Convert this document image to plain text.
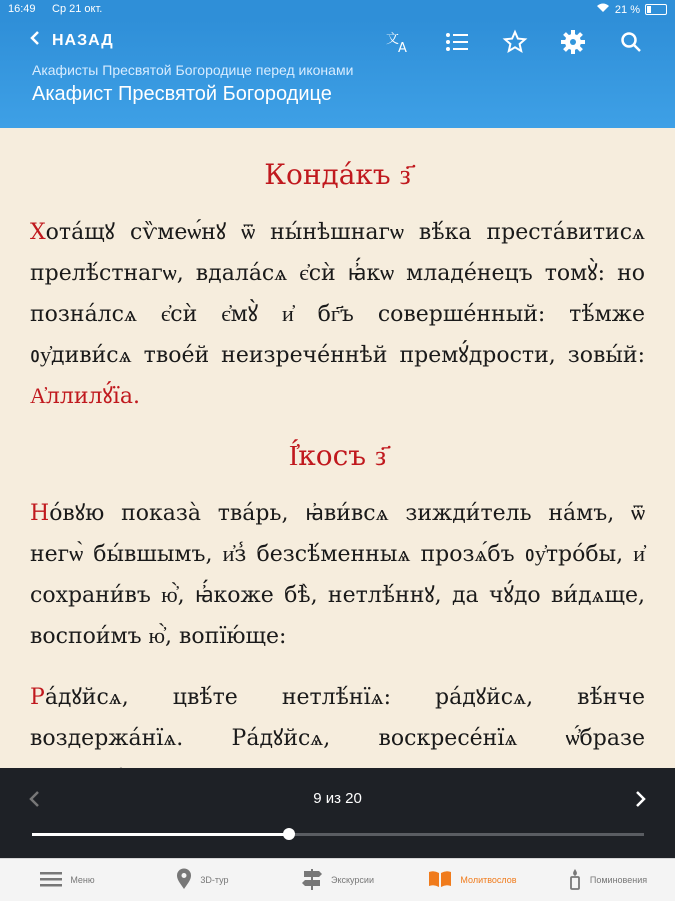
16:49 Ср 21 окт.	21 %
НАЗАД	文
A
Акафисты Пресвятой Богородице перед иконами
Акафист Пресвятой Богородице
Конда́къ з҃
Хота́щꙋ сѷмеѡ́нꙋ ѿ ны́нѣшнагѡ вѣ́ка преста́витисѧ прелѣ́стнагѡ, вдала́сѧ є҆сѝ ꙗ҆́кѡ младе́нецъ томꙋ̀: но позна́лсѧ є҆сѝ є҆мꙋ̀ и҆ бг҃ъ соверше́нный: тѣ́мже ᲂу҆диви́сѧ твое́й неизрече́ннѣй премꙋ́дрости, зовы́й: А҆ллилꙋ́їа.
І҆́косъ з҃
Но́вꙋю показа̀ тва́рь, ꙗ҆ви́всѧ зижди́тель на́мъ, ѿ негѡ̀ бы́вшымъ, и҆з̾ безсѣ́менныѧ прозѧ́бъ ᲂу҆тро́бы, и҆ сохрани́въ ю҆̀, ꙗ҆́коже бѣ̀, нетлѣ́ннꙋ, да чꙋ́до ви́дѧще, воспои́мъ ю҆̀, вопїю́ще:
Ра́дꙋйсѧ, цвѣ́те нетлѣ́нїѧ: ра́дꙋйсѧ, вѣ́нче воздержа́нїѧ. Ра́дꙋйсѧ, воскресе́нїѧ ѡ҆́бразе
9 из 20
Меню	3D-тур	Экскурсии	Молитвослов	Поминовения
